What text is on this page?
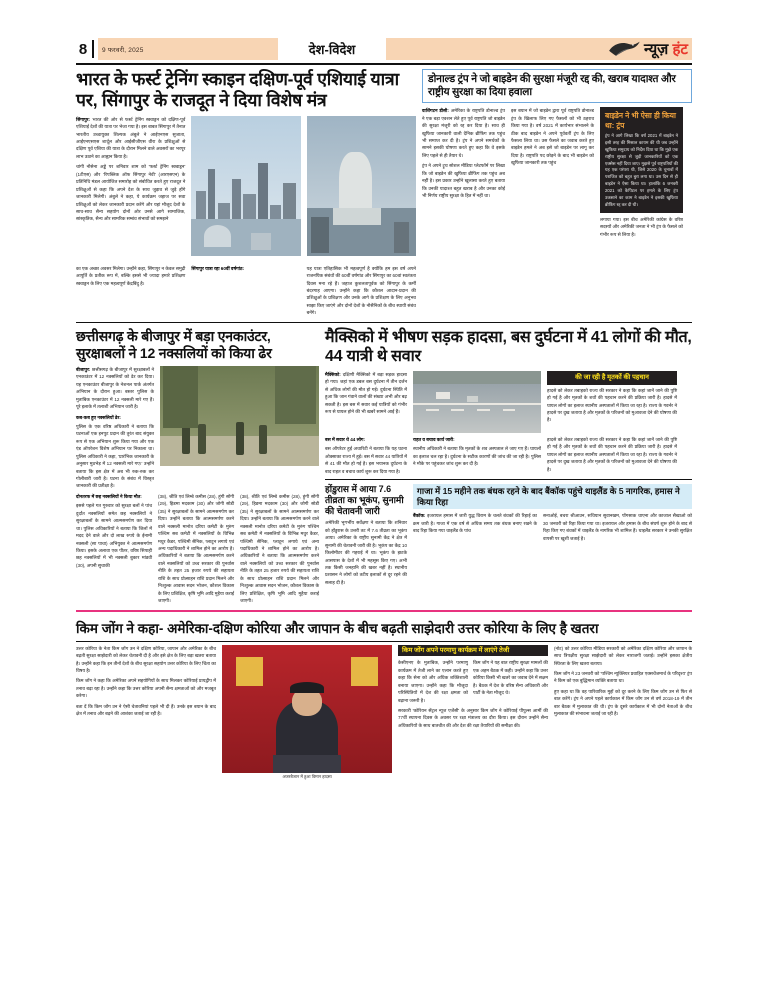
8	9 फरवरी, 2025	देश-विदेश	न्यूज़ हंट
भारत के फर्स्ट ट्रेनिंग स्काइन दक्षिण-पूर्व एशियाई यात्रा पर, सिंगापुर के राजदूत ने दिया विशेष मंत्र

सिंगापुर: भारत की ओर से फर्स्ट ट्रेनिंग स्क्वाड्रन को दक्षिण-पूर्व एशियाई देशों की यात्रा पर भेजा गया है। इस बाबत सिंगापुर में तैनात भारतीय उच्चायुक्त शिल्पक अंबुले ने आईएनएस सुजाता, आईएनएसएस शार्दूल और आईसीजीएस वीरा के प्रशिक्षुओं से दक्षिण पूर्व एशिया की यात्रा के दौरान मिलने वाले अवसरों का भरपूर लाभ उठाने का आह्वान किया है।

चांगी नौसेना अड्डे पर शनिवार शाम को 'फर्स्ट ट्रेनिंग स्क्वाड्रन' (1टीएस) और 'रिपब्लिक ऑफ सिंगापुर नेवी' (आरएसएन) के प्रतिनिधि मंडल आयोजित समारोह को संबोधित करते हुए राजदूत ने प्रशिक्षुओं से कहा कि अपने देश के साथ जुड़ाव से जुड़े होंगे जानकारी मिलेगी। अंबुले ने कहा, ये कार्यक्रम जहाज पर सवा प्रशिक्षुओं को लेकर जानकारी प्रदान करेंगे और यहां मौजूद देशों के साथ-साथ सैन्य सहयोग दोनों ओर उनसे आगे सामाजिक, सांस्कृतिक, सैन्य और सामरिक सम्बंध संभावों को समझने

का एक अच्छा अवसर मिलेगा। उन्होंने कहा, सिंगापुर न केवल समुद्री आपूर्ति के प्रतीक रूप में, बल्कि इससे भी ज्यादा हमारे प्रशिक्षण स्क्वाड्रन के लिए एक महत्वपूर्ण केंद्रबिंदु है।

सिंगापुर यात्रा रहा 60वीं वर्षगांठ:	यह यात्रा एतिहासिक भी महत्वपूर्ण है क्योंकि हम इस वर्ष अपने राजनयिक संबंधों की 60वीं वर्षगांठ और सिंगापुर का 60वां स्वतंत्रता दिवस मना रहे हैं। जहाज कुशलतापूर्वक को सिंगापुर के कर्मी बंदरगाह आएगा। उन्होंने कहा कि कौशल आदान-प्रदान की प्रशिक्षुओं के प्रशिक्षण और उनके आगे के प्रशिक्षण के लिए अनुभव साझा किए जाएंगे और दोनों देशों के नौसैनिकों के बीच स्थायी संबंध बनेंगे।

डोनाल्ड ट्रंप ने जो बाइडेन की सुरक्षा मंजूरी रद्द की, खराब यादाश्त और राष्ट्रीय सुरक्षा का दिया हवाला

वाशिंगटन डीसी: अमेरिका के राष्ट्रपति डोनाल्ड ट्रंप ने एक बड़ा एक्शन लेते हुए पूर्व राष्ट्रपति जो बाइडेन की सुरक्षा मंजूरी को रद्द कर दिया है। साथ ही खुफिया जानकारी वाली दैनिक ब्रीफिंग तक पहुंच भी समाप्त कर दी है। ट्रंप ने अपने समर्थकों के सामने इसकी घोषणा करते हुए कहा कि वे इसके लिए पहले से ही तैयार थे।

ट्रंप ने अपने ट्रुथ सोशल मीडिया प्लेटफॉर्म पर लिखा कि जो बाइडेन की खुफिया ब्रीफिंग तक पहुंच अब नहीं है। इस प्रकार उन्होंने खुलासा करते हुए बताया कि उनकी यादाश्त बहुत खराब है और उनका कोई भी निर्णय राष्ट्रीय सुरक्षा के हित में नहीं था।

इस बयान में जो बाइडेन द्वारा पूर्व राष्ट्रपति डोनाल्ड ट्रंप के खिलाफ लिए गए फैसलों को भी ठहराव किया गया है। वर्ष 2021 में कार्यभार संभालने के ठीक बाद बाइडेन ने अपने पूर्ववर्ती ट्रंप के लिए फैसला लिया था। उस फैसले का जवाब करते हुए बाइडेन हमले ने अब इसे जो बाइडेन पर लागू कर दिया है। राष्ट्रपति पद छोड़ने के बाद भी बाइडेन को खुफिया जानकारी तक पहुंच

बाइडेन ने भी ऐसा ही किया था: ट्रंप
ट्रंप ने आगे लिखा कि वर्ष 2021 में बाइडेन ने इसी तरह की मिसाल कायम की थी जब उन्होंने खुफिया समुदाय को निर्देश दिया था कि मुझे एक राष्ट्रीय सुरक्षा से जुड़ी जानकारियों को एक एक्सेस नहीं दिया जाए। मुझसे पूर्व राष्ट्रपतियों की यह एक परंपरा थी, जिसे 2020 के चुनावों में पराजित को बहुत बुरा लगा था। उस दिन से ही बाइडेन ने ऐसा किया था। हालांकि 6 जनवरी 2021 को कैपिटल पर हमले के लिए ट्रंप उकसाने का काम ने बाइडेन ने इसकी खुफिया ब्रीफिंग रद्द कर दी थी।

लगाया गया। इस बीच अमेरिकी कांग्रेस के वरिष्ठ सदस्यों और अमेरिकी जनता ने भी ट्रंप के फैसले को गंभीर रूप से लिया है।

छत्तीसगढ़ के बीजापुर में बड़ा एनकाउंटर, सुरक्षाबलों ने 12 नक्सलियों को किया ढेर

बीजापुर: छत्तीसगढ़ के बीजापुर में सुरक्षाबलों ने एनकाउंटर में 12 नक्सलियों को ढेर कर दिया। यह एनकाउंटर बीजापुर के नेशनल पार्क अंतर्गत अभियान के दौरान हुआ। बस्तर पुलिस के मुताबिक एनकाउंटर में 12 नक्सली मारे गए हैं। पूरे इलाके में तलाशी अभियान जारी है।

कब-कब हुए नक्सलियों ढेर:

पुलिस के एक वरिष्ठ अधिकारी ने बताया कि घटनाओं एक इनपुट प्रदान की तुरंत बाद संयुक्त रूप से एक अभियान शुरू किया गया और एक एंड ऑपरेशन विशेष अभियान पर निकाला था। पुलिस अधिकारी ने कहा, 'प्रारंभिक जानकारी के अनुसार मुठभेड़ में 12 नक्सली मारे गए।' उन्होंने बताया कि इस क्षेत्र में अब भी रुक-रुक कर गोलीबारी जारी है। घटना के संबंध में विस्तृत जानकारी की प्रतीक्षा है।

दोनतरफ में छह नक्सलियों ने किया मौत:

इससे पहले गत गुरुवार को सुरक्षा बलों ने पांच दुर्दांत नक्सलियों समेत छह नक्सलियों ने सुरक्षाबलों के सामने आत्मसमर्पण कर दिया था। पुलिस अधिकारियों ने बताया कि जिलों में मदद देने वाले और दो लाख रुपये के ईनामी नक्सली (सा पाचा) अभियुक्त ने आत्मसमर्पण किया। इसके अलावा एक पीतर, वरिष्ठ सिपाही छह नक्सलियों में भी नक्सली बुकार मांडवी (30), अपनी सुचाकी

(38), श्रीति एवं लिम्बे कमीस (28), हुंगी सोंगी (29), हिडमा मदकाम (30) और जोगी सोडी (35) ने सुरक्षाबलों के सामने आत्मसमर्पण कर दिया। उन्होंने बताया कि आत्मसमर्पण करने वाले नक्सली मानोत्र दरिया कमेटी के मुरुंग पश्चिम सब कमेटी में नक्सलियों के विभिन्न मधुर कैडर, पश्चिमी सैनिक, प्लाटून लगाये एवं अन्य पदाधिकारी ने शामिल होने का आरोप है। अधिकारियों ने बताया कि आत्मसमर्पण करने वाले नक्सलियों को उच्च सरकार की पुनर्वास नीति के तहत 25 हजार रुपये की सहायता राशि के साथ प्रोत्साहन राशि प्रदान मिलने और निःशुल्क आवास सदन भोजन, कौशल विकास के लिए प्रशिक्षित, कृषि भूमि आदि मुहैया कराई जाएगी।

(38), श्रीति एवं लिम्बे कमीस (28), हुंगी सोंगी (29), हिडमा मदकाम (30) और जोगी सोडी (35) ने सुरक्षाबलों के सामने आत्मसमर्पण कर दिया। उन्होंने बताया कि आत्मसमर्पण करने वाले नक्सली मानोत्र दरिया कमेटी के मुरुंग पश्चिम सब कमेटी में नक्सलियों के विभिन्न मधुर कैडर, पश्चिमी सैनिक, प्लाटून लगाये एवं अन्य पदाधिकारी ने शामिल होने का आरोप है। अधिकारियों ने बताया कि आत्मसमर्पण करने वाले नक्सलियों को उच्च सरकार की पुनर्वास नीति के तहत 25 हजार रुपये की सहायता राशि के साथ प्रोत्साहन राशि प्रदान मिलने और निःशुल्क आवास सदन भोजन, कौशल विकास के लिए प्रशिक्षित, कृषि भूमि आदि मुहैया कराई जाएगी।

मैक्सिको में भीषण सड़क हादसा, बस दुर्घटना में 41 लोगों की मौत, 44 यात्री थे सवार

मैक्सिको: दक्षिणी मैक्सिको में बड़ा सड़क हादसा हो गया। जहां एक डबल बस दुर्घटना में तीन दर्जन से अधिक लोगों की मौत हो गई। दुर्घटना स्थिति में हुआ कि जान गंवाने वालों की संख्या अभी और बढ़ सकती है। इस बस में सवार कई यात्रियों को गंभीर रूप से घायल होने की भी खबरें सामने आई हैं।

की जा रही है मृतकों की पहचान

हादसे को लेकर तबाहको राज्य की सरकार ने कहा कि कहां जानें जाने की पुष्टि हो गई है और मृतकों के शवों की पहचान करने की प्रक्रिया जारी है। हादसे में घायल लोगों का इलाज स्थानीय अस्पतालों में किया जा रहा है। राज्य के गवर्नर ने हादसे पर दुख जताया है और मृतकों के परिजनों को मुआवजा देने की घोषणा की है।

बस में सवार थे 44 लोग:

बस ऑपरेटर हुई अथारिटी ने बताया कि यह घटना ओक्साका राज्य में हुई। बस में सवार 44 यात्रियों में से 41 की मौत हो गई है। इस भयानक दुर्घटना के बाद राहत व बचाव कार्य शुरू कर दिया गया है।

राहत व बचाव कार्य जारी:

स्थानीय अधिकारी ने बताया कि मृतकों के शव अस्पताल ले जाए गए हैं। घायलों का इलाज चल रहा है। दुर्घटना के सटीक कारणों की जांच की जा रही है। पुलिस ने मौके पर पहुंचकर जांच शुरू कर दी है।

हादसे को लेकर तबाहको राज्य की सरकार ने कहा कि कहां जानें जाने की पुष्टि हो गई है और मृतकों के शवों की पहचान करने की प्रक्रिया जारी है। हादसे में घायल लोगों का इलाज स्थानीय अस्पतालों में किया जा रहा है। राज्य के गवर्नर ने हादसे पर दुख जताया है और मृतकों के परिजनों को मुआवजा देने की घोषणा की है।

होंडुरास में आया 7.6 तीव्रता का भूकंप, सुनामी की चेतावनी जारी

अमेरिकी भूगर्भीय सर्वेक्षण ने बताया कि शनिवार को होंडुरास के उत्तरी तट में 7.6 तीव्रता का भूकंप आया। अमेरिका के राष्ट्रीय सुनामी केंद्र ने क्षेत्र में सुनामी की चेतावनी जारी की है। भूकंप का केंद्र 10 किलोमीटर की गहराई में था। भूकंप के झटके आसपास के देशों में भी महसूस किए गए। अभी तक किसी जनहानि की खबर नहीं है। स्थानीय प्रशासन ने लोगों को तटीय इलाकों से दूर रहने की सलाह दी है।

गाजा में 15 महीने तक बंधक रहने के बाद बैंकॉक पहुंचे थाइलैंड के 5 नागरिक, हमास ने किया रिहा

बैंकॉक: इजरायल हमास में जारी युद्ध विराम के चलते बंधकों की रिहाई का क्रम जारी है। गाजा में एक वर्ष से अधिक समय तक बंधक बनाए रखने के बाद रिहा किया गया थाइलैंड के पांच

सनाओई, बचरा श्रीआउन, सथियान सुवानखम, पोंगसाक थाएना और काजाल सैखाओ को 30 जनवरी को रिहा किया गया था। इजरायल और हमास के बीच संघर्ष शुरू होने के बाद से रिहा किए गए बंधकों में थाइलैंड के नागरिक भी शामिल हैं। थाइलैंड सरकार ने उनकी सुरक्षित वापसी पर खुशी जताई है।

किम जोंग ने कहा- अमेरिका-दक्षिण कोरिया और जापान के बीच बढ़ती साझेदारी उत्तर कोरिया के लिए है खतरा

उत्तर कोरिया के नेता किम जोंग उन ने दक्षिण कोरिया, जापान और अमेरिका के बीच बढ़ती सुरक्षा साझेदारी को लेकर चेतावनी दी है और इसे क्षेत्र के लिए बड़ा खतरा बताया है। उन्होंने कहा कि इन तीनों देशों के बीच सुरक्षा सहयोग उत्तर कोरिया के लिए चिंता का विषय है।

किम जोंग ने कहा कि अमेरिका अपने सहयोगियों के साथ मिलकर कोरियाई प्रायद्वीप में तनाव बढ़ा रहा है। उन्होंने कहा कि उत्तर कोरिया अपनी सैन्य क्षमताओं को और मजबूत करेगा।

बता दें कि किम जोंग उन ने ऐसी चेतावनियां पहले भी दी हैं। उनके इस बयान के बाद क्षेत्र में तनाव और बढ़ने की आशंका जताई जा रही है।

अजरबैजान में हुआ विमान हादसा
किम जोंग अपने परमाणु कार्यक्रम में लाएंगे तेजी

केसीएनए के मुताबिक, उन्होंने परमाणु कार्यक्रम में तेजी लाने का एलान करते हुए कहा कि सेना को और अधिक शक्तिशाली बनाया जाएगा। उन्होंने कहा कि मौजूदा परिस्थितियों में देश की रक्षा क्षमता को बढ़ाना जरूरी है।

किम जोंग ने यह बात राष्ट्रीय सुरक्षा मामलों की एक अहम बैठक में कही। उन्होंने कहा कि उत्तर कोरिया किसी भी खतरे का जवाब देने में सक्षम है। बैठक में देश के वरिष्ठ सैन्य अधिकारी और पार्टी के नेता मौजूद थे।

सरकारी 'कोरियन सेंट्रल न्यूज एजेंसी' के अनुसार किम जोंग ने कोरियाई पीपुल्स आर्मी की 77वीं स्थापना दिवस के अवसर पर रक्षा मंत्रालय का दौरा किया। इस दौरान उन्होंने सैन्य अधिकारियों के साथ बातचीत की और देश की रक्षा तैयारियों की समीक्षा की।

(नोट) को उत्तर कोरिया मीडिया सरकारी को अमेरिका दक्षिण कोरिया और जापान के साथ त्रिपक्षीय सुरक्षा साझेदारी को लेकर नाराजगी जताई। उन्होंने इसका क्षेत्रीय स्थिरता के लिए खतरा बताया।

किम जोंग ने 23 जनवरी को 'पश्चिम न्यूक्लियर प्रवाहित एक्सचेंजमार्च के परिदृश्य' ट्रंप ने किम को एक बुद्धिमान व्यक्ति बताया था।

हुए कहा था कि वह पारिवारिक मुद्दों को दूर करने के लिए किम जोंग उन से फिर से बात करेंगे। ट्रंप ने अपने पहले कार्यकाल में किम जोंग उन से वर्ष 2018-19 में तीन बार बैठक में मुलाकात की थी। ट्रंप के दूसरे कार्यकाल में भी दोनों नेताओं के बीच मुलाकात की संभावना जताई जा रही है।
